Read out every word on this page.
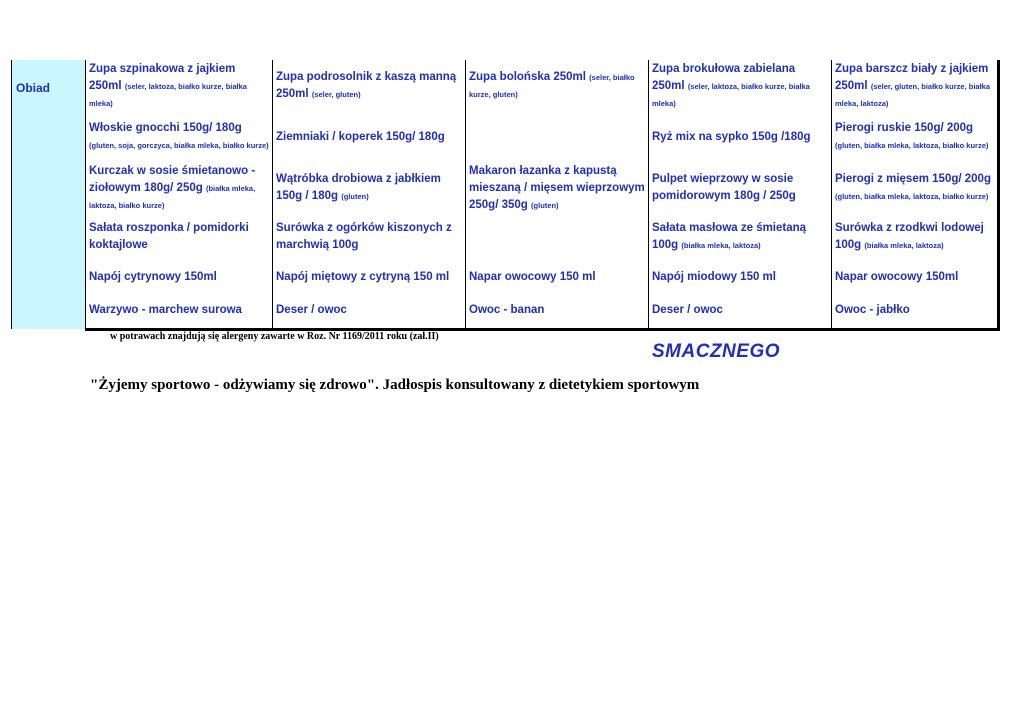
Obiad	Zupa szpinakowa z jajkiem 250ml (seler, laktoza, białko kurze, białka mleka)	Zupa podrosolnik z kaszą manną 250ml (seler, gluten)	Zupa bolońska 250ml (seler, białko kurze, gluten)	Zupa brokułowa zabielana 250ml (seler, laktoza, białko kurze, białka mleka)	Zupa barszcz biały z jajkiem 250ml (seler, gluten, białko kurze, białka mleka, laktoza)
	Włoskie gnocchi 150g/ 180g (gluten, soja, gorczyca, białka mleka, białko kurze)	Ziemniaki / koperek 150g/ 180g		Ryż mix na sypko 150g /180g	Pierogi ruskie 150g/ 200g (gluten, białka mleka, laktoza, białko kurze)
	Kurczak w sosie śmietanowo - ziołowym 180g/ 250g (białka mleka, laktoza, białko kurze)	Wątróbka drobiowa z jabłkiem 150g / 180g (gluten)	Makaron łazanka z kapustą mieszaną / mięsem wieprzowym 250g/ 350g (gluten)	Pulpet wieprzowy w sosie pomidorowym 180g / 250g	Pierogi z mięsem 150g/ 200g (gluten, białka mleka, laktoza, białko kurze)
	Sałata roszponka / pomidorki koktajlowe	Surówka z ogórków kiszonych z marchwią 100g		Sałata masłowa ze śmietaną 100g (białka mleka, laktoza)	Surówka z rzodkwi lodowej 100g (białka mleka, laktoza)
	Napój cytrynowy 150ml	Napój miętowy z cytryną 150 ml	Napar owocowy 150 ml	Napój miodowy 150 ml	Napar owocowy 150ml
	Warzywo - marchew surowa	Deser / owoc	Owoc - banan	Deser / owoc	Owoc - jabłko
w potrawach znajdują się alergeny zawarte w Roz. Nr 1169/2011 roku (zał.II)
SMACZNEGO
"Żyjemy sportowo - odżywiamy się zdrowo". Jadłospis konsultowany z dietetykiem sportowym
